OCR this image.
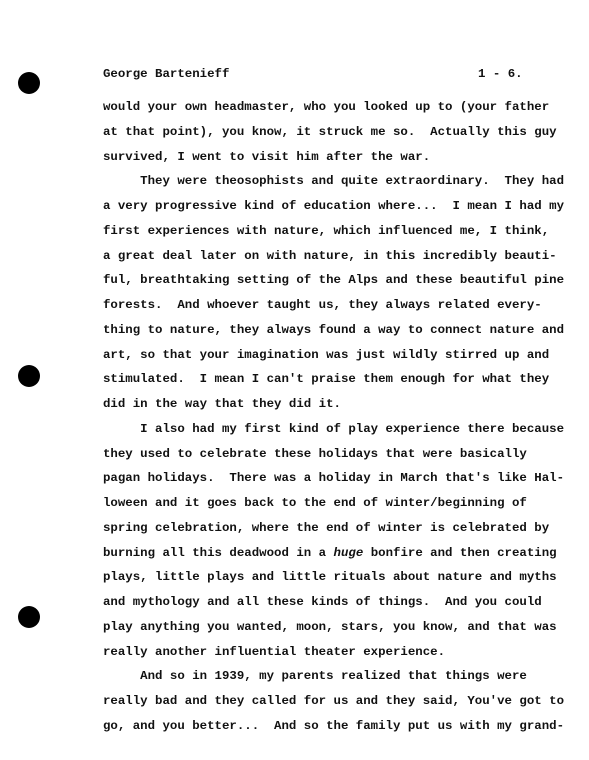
George Bartenieff	1 - 6.
would your own headmaster, who you looked up to (your father
at that point), you know, it struck me so.  Actually this guy
survived, I went to visit him after the war.
They were theosophists and quite extraordinary.  They had
a very progressive kind of education where...  I mean I had my
first experiences with nature, which influenced me, I think,
a great deal later on with nature, in this incredibly beauti-
ful, breathtaking setting of the Alps and these beautiful pine
forests.  And whoever taught us, they always related every-
thing to nature, they always found a way to connect nature and
art, so that your imagination was just wildly stirred up and
stimulated.  I mean I can't praise them enough for what they
did in the way that they did it.
I also had my first kind of play experience there because
they used to celebrate these holidays that were basically
pagan holidays.  There was a holiday in March that's like Hal-
loween and it goes back to the end of winter/beginning of
spring celebration, where the end of winter is celebrated by
burning all this deadwood in a huge bonfire and then creating
plays, little plays and little rituals about nature and myths
and mythology and all these kinds of things.  And you could
play anything you wanted, moon, stars, you know, and that was
really another influential theater experience.
And so in 1939, my parents realized that things were
really bad and they called for us and they said, You've got to
go, and you better...  And so the family put us with my grand-
